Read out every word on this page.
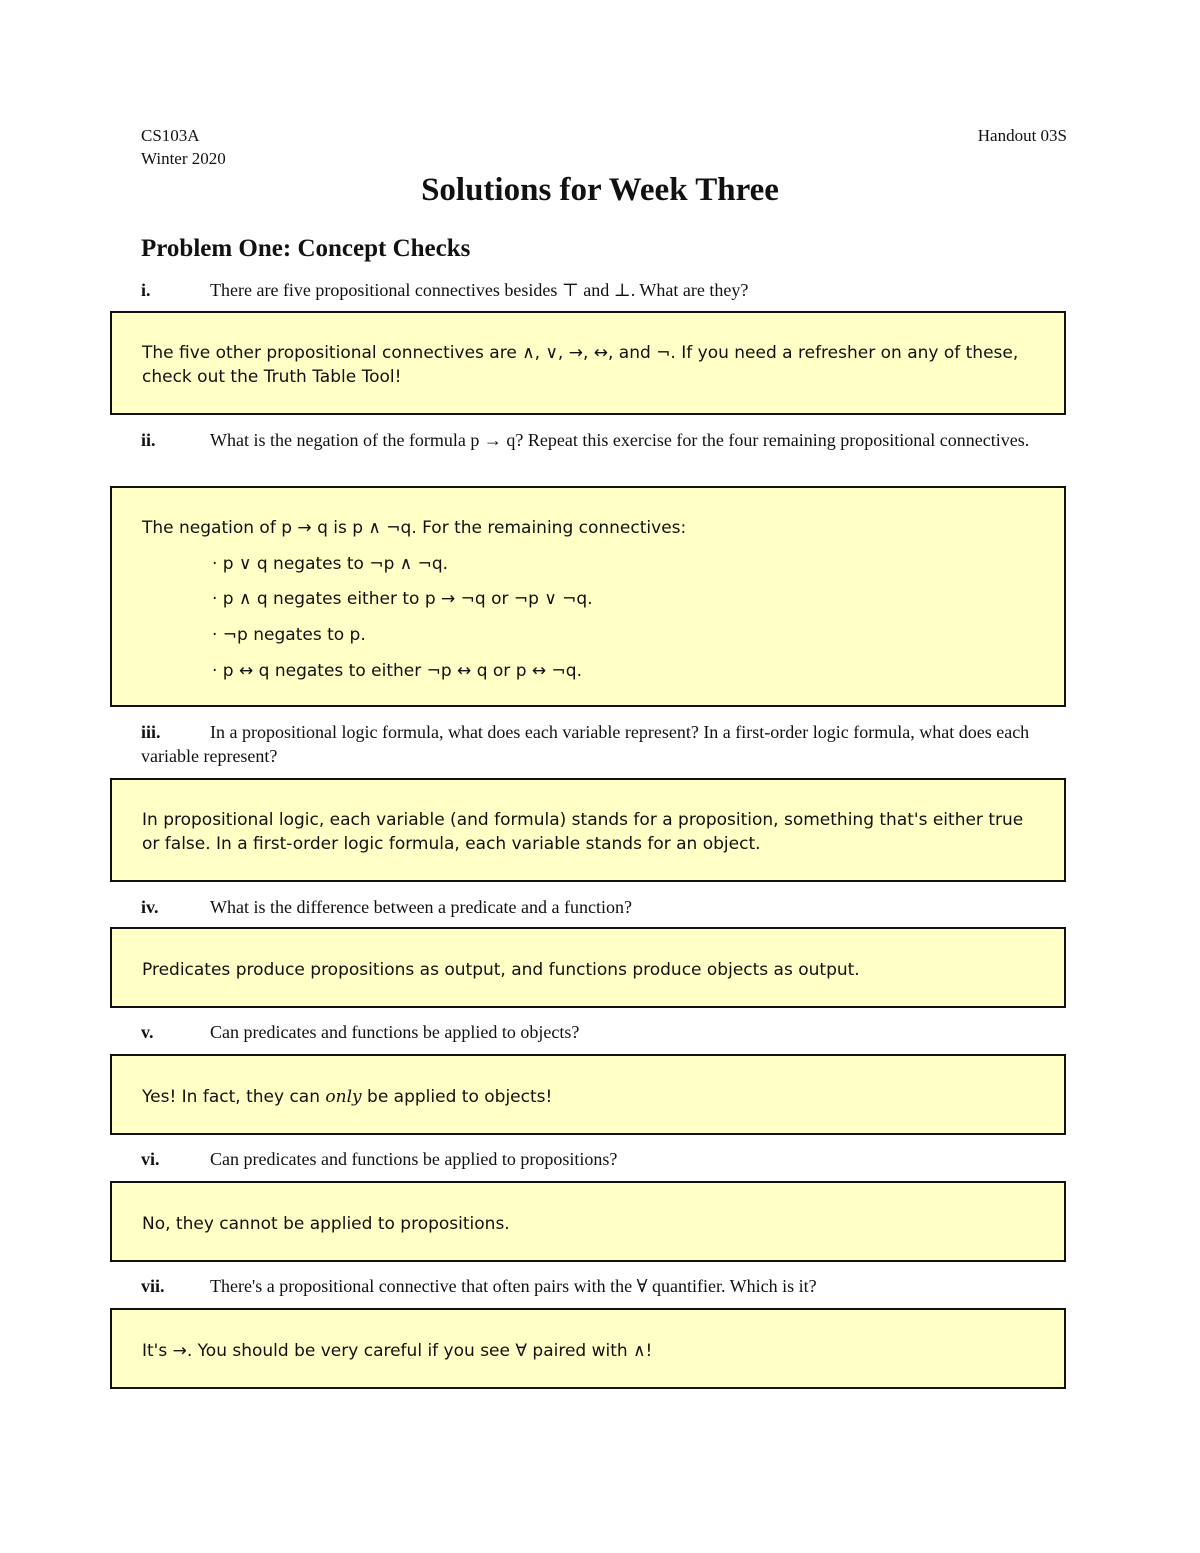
CS103A
Winter 2020
Handout 03S
Solutions for Week Three
Problem One: Concept Checks
i.	There are five propositional connectives besides ⊤ and ⊥. What are they?
The five other propositional connectives are ∧, ∨, →, ↔, and ¬. If you need a refresher on any of these, check out the Truth Table Tool!
ii.	What is the negation of the formula p → q? Repeat this exercise for the four remaining propositional connectives.
The negation of p → q is p ∧ ¬q. For the remaining connectives:
· p ∨ q negates to ¬p ∧ ¬q.
· p ∧ q negates either to p → ¬q or ¬p ∨ ¬q.
· ¬p negates to p.
· p ↔ q negates to either ¬p ↔ q or p ↔ ¬q.
iii.	In a propositional logic formula, what does each variable represent? In a first-order logic formula, what does each variable represent?
In propositional logic, each variable (and formula) stands for a proposition, something that's either true or false. In a first-order logic formula, each variable stands for an object.
iv.	What is the difference between a predicate and a function?
Predicates produce propositions as output, and functions produce objects as output.
v.	Can predicates and functions be applied to objects?
Yes! In fact, they can only be applied to objects!
vi.	Can predicates and functions be applied to propositions?
No, they cannot be applied to propositions.
vii.	There's a propositional connective that often pairs with the ∀ quantifier. Which is it?
It's →. You should be very careful if you see ∀ paired with ∧!
